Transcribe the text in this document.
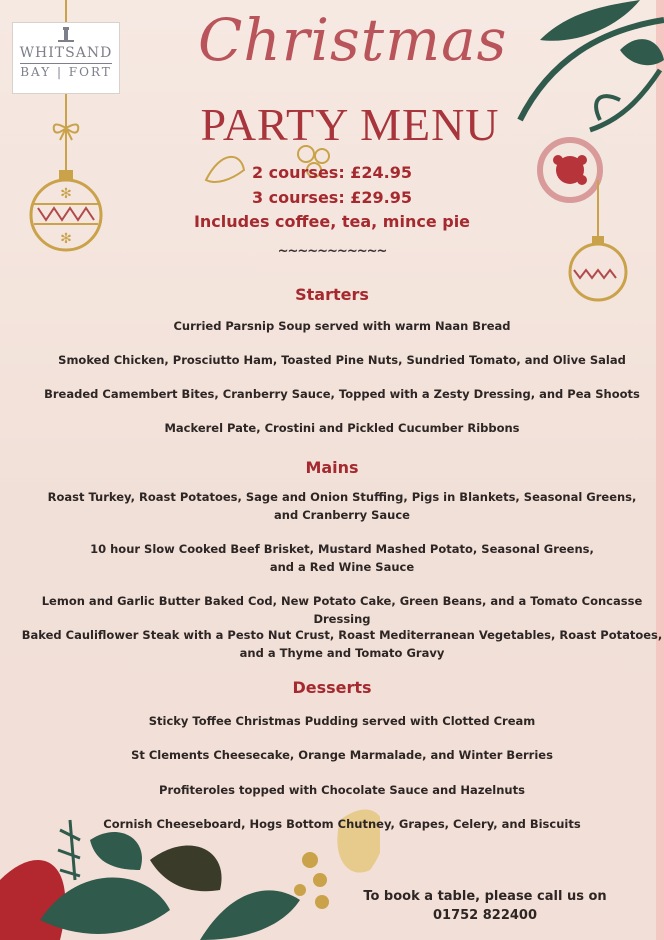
✻
✻
WHITSAND
BAY | FORT Christmas
PARTY MENU
2 courses: £24.95
3 courses: £29.95
Includes coffee, tea, mince pie
~~~~~~~~~~~
Starters
Curried Parsnip Soup served with warm Naan Bread
Smoked Chicken, Prosciutto Ham, Toasted Pine Nuts, Sundried Tomato, and Olive Salad
Breaded Camembert Bites, Cranberry Sauce, Topped with a Zesty Dressing, and Pea Shoots
Mackerel Pate, Crostini and Pickled Cucumber Ribbons
Mains
Roast Turkey, Roast Potatoes, Sage and Onion Stuffing, Pigs in Blankets, Seasonal Greens,
and Cranberry Sauce
10 hour Slow Cooked Beef Brisket, Mustard Mashed Potato, Seasonal Greens,
and a Red Wine Sauce
Lemon and Garlic Butter Baked Cod, New Potato Cake, Green Beans, and a Tomato Concasse Dressing
Baked Cauliflower Steak with a Pesto Nut Crust, Roast Mediterranean Vegetables, Roast Potatoes,
and a Thyme and Tomato Gravy
Desserts
Sticky Toffee Christmas Pudding served with Clotted Cream
St Clements Cheesecake, Orange Marmalade, and Winter Berries
Profiteroles topped with Chocolate Sauce and Hazelnuts
Cornish Cheeseboard, Hogs Bottom Chutney, Grapes, Celery, and Biscuits
To book a table, please call us on
01752 822400
